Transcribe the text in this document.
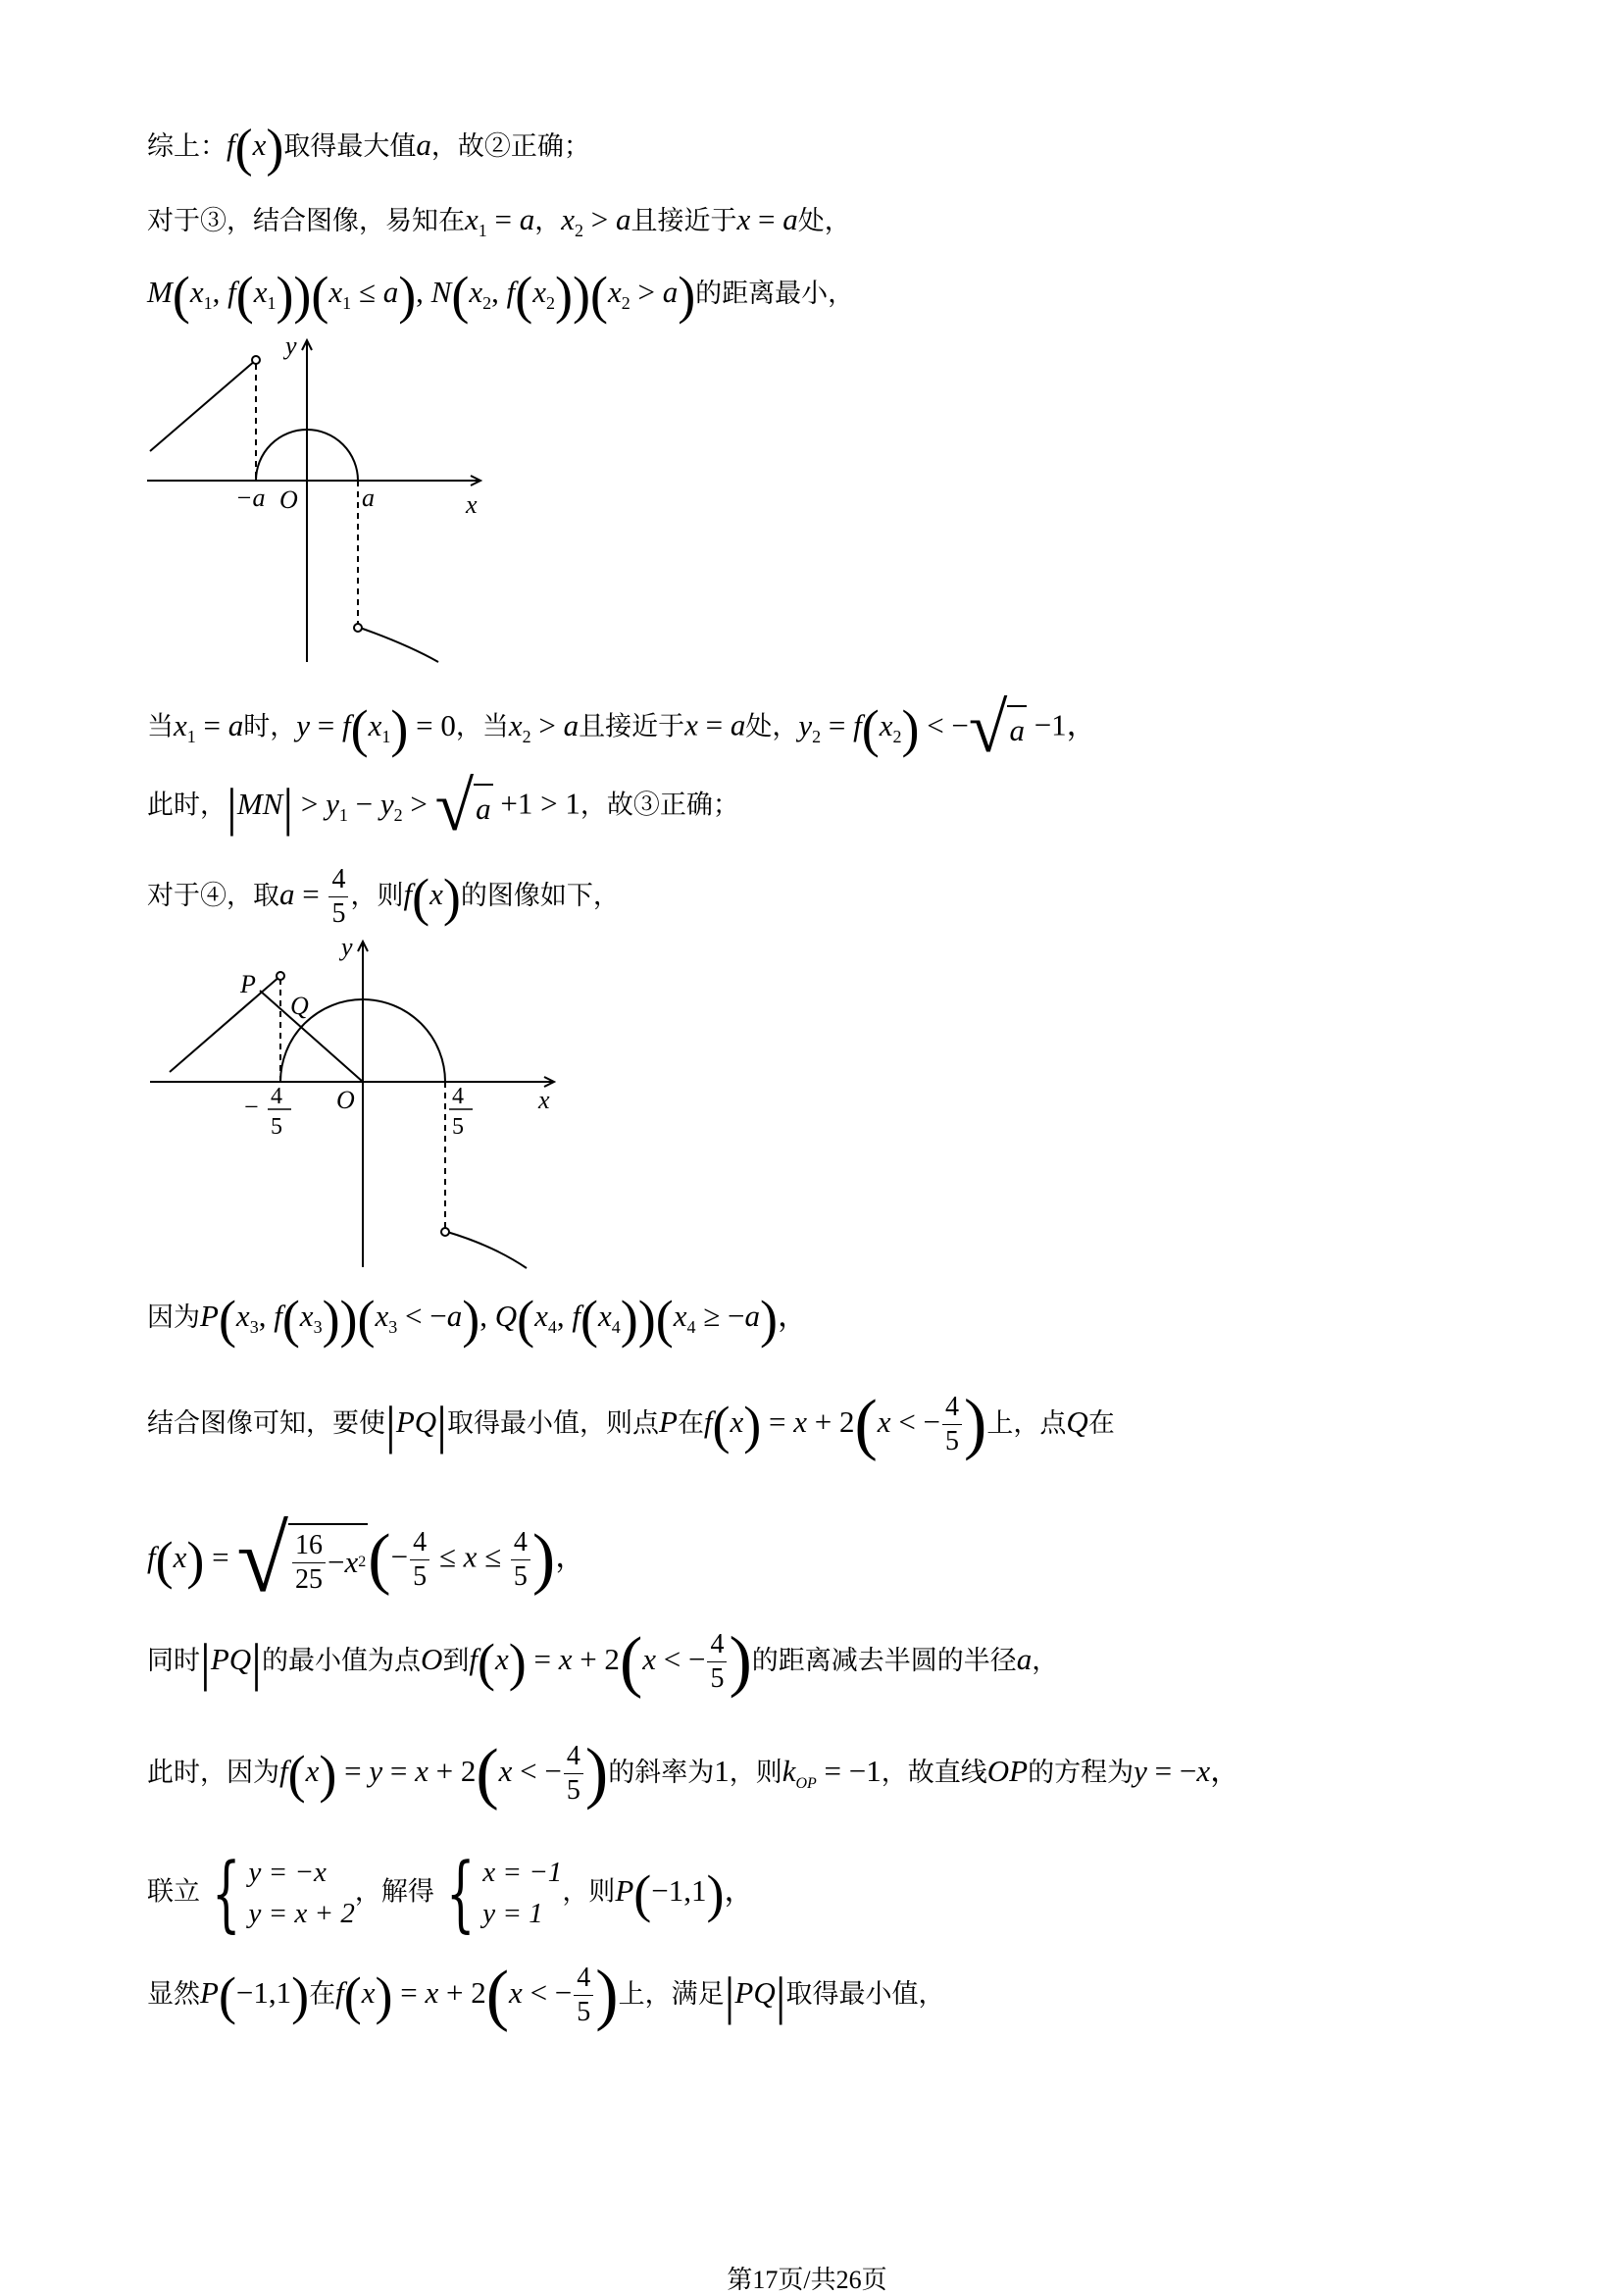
综上：f(x)取得最大值a，故②正确；
对于③，结合图像，易知在$x_1 = a$，$x_2 > a$且接近于x = a处，
$M(x_1$, $f(x_1))(x_1 \le a)$, $N(x_2$, $f(x_2))(x_2 > a)$的距离最小，
y
x
O
−a	a
当$x_1 = a$时，$y = f(x_1) = 0$，当$x_2 > a$且接近于x = a处，$y_2 = f(x_2)$ < − √ a −1，
此时，$|MN| > y_1 - y_2$ > √ a +1 > 1，故③正确；
对于④，取$a = \frac{4}{5}$ ，则f(x)的图像如下，
y
x
O
P
Q
− 4
5
4
5
因为$P(x_3$, $f(x_3))(x_3 < -a)$, $Q(x_4$, $f(x_4))(x_4 \ge -a)$，
结合图像可知，要使|PQ|取得最小值，则点P在f(x) = x + 2(x < − $\frac{4}{5}$ )上，点Q在
f(x) = √ $\frac{16}{25} - x$ 2 (− $\frac{4}{5} \le x \le \frac{4}{5}$ )，
同时|PQ|的最小值为点O到f(x) = x + 2(x < − $\frac{4}{5}$ )的距离减去半圆的半径a，
此时，因为f(x) = y = x + 2(x < − $\frac{4}{5}$ )的斜率为1，则$k_{OP} = -1$，故直线OP的方程为y = −x，
联立 { y = −x
y = x + 2
，解得 { x = −1
y = 1
，则P(−1,1)，
显然P(−1,1)在f(x) = x + 2(x < − $\frac{4}{5}$ )上，满足|PQ|取得最小值，
第17页/共26页
